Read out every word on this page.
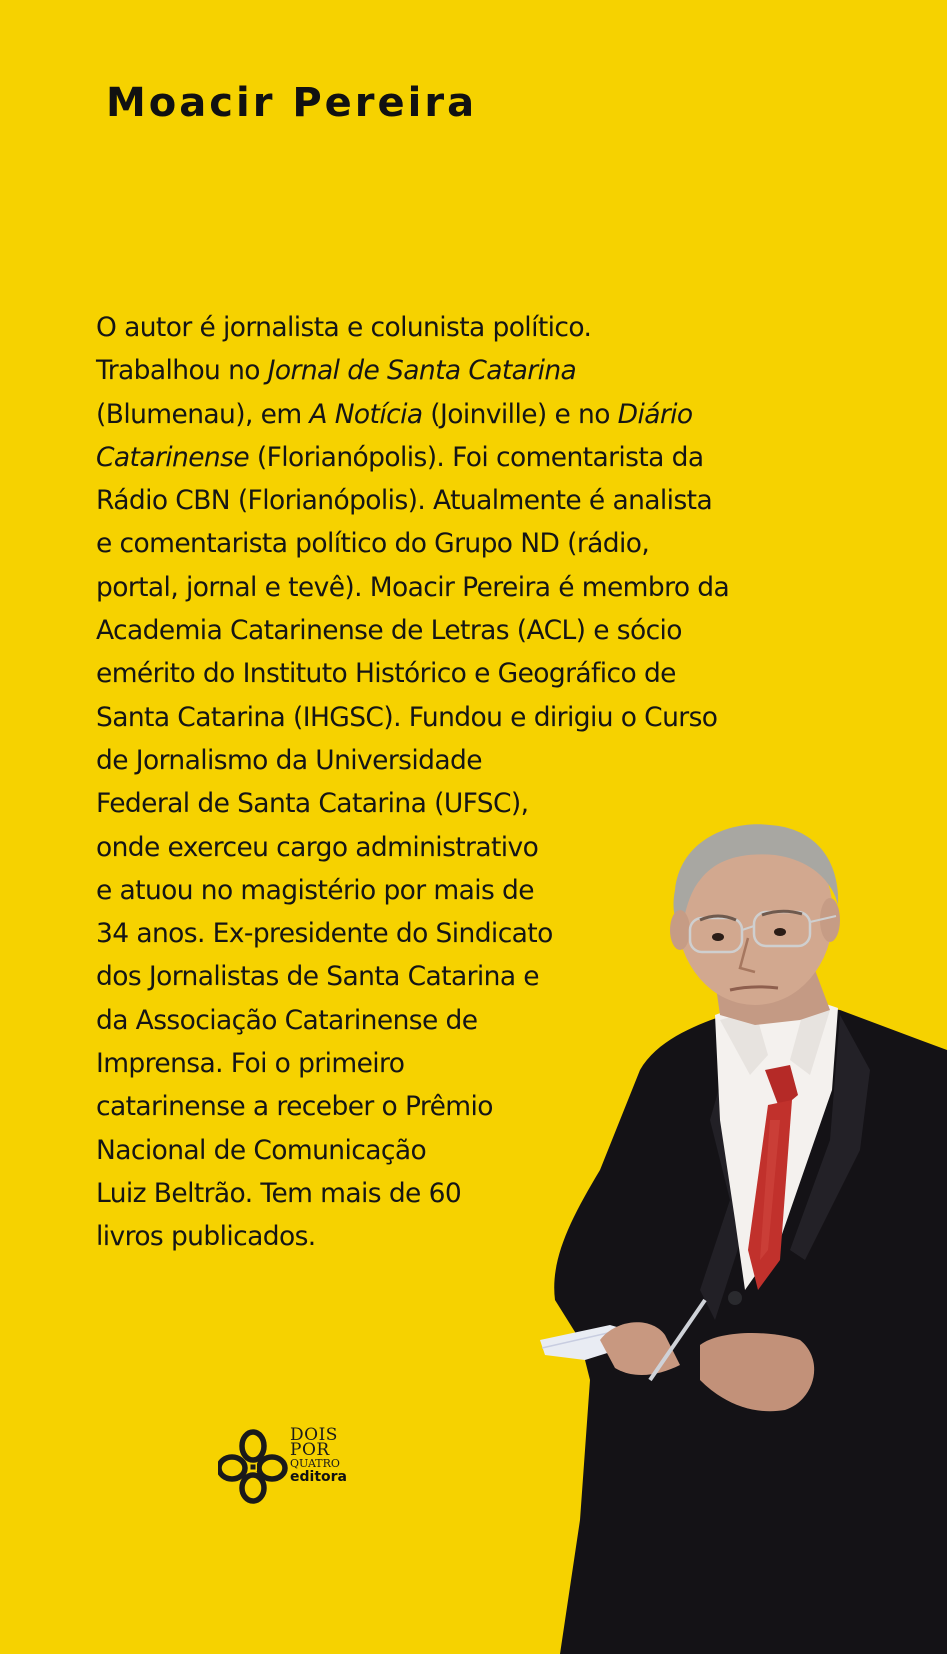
Moacir Pereira
O autor é jornalista e colunista político.
Trabalhou no Jornal de Santa Catarina
(Blumenau), em A Notícia (Joinville) e no Diário
Catarinense (Florianópolis). Foi comentarista da
Rádio CBN (Florianópolis). Atualmente é analista
e comentarista político do Grupo ND (rádio,
portal, jornal e tevê). Moacir Pereira é membro da
Academia Catarinense de Letras (ACL) e sócio
emérito do Instituto Histórico e Geográfico de
Santa Catarina (IHGSC). Fundou e dirigiu o Curso
de Jornalismo da Universidade
Federal de Santa Catarina (UFSC),
onde exerceu cargo administrativo
e atuou no magistério por mais de
34 anos. Ex-presidente do Sindicato
dos Jornalistas de Santa Catarina e
da Associação Catarinense de
Imprensa. Foi o primeiro
catarinense a receber o Prêmio
Nacional de Comunicação
Luiz Beltrão. Tem mais de 60
livros publicados.
DOIS
POR
QUATRO
editora
